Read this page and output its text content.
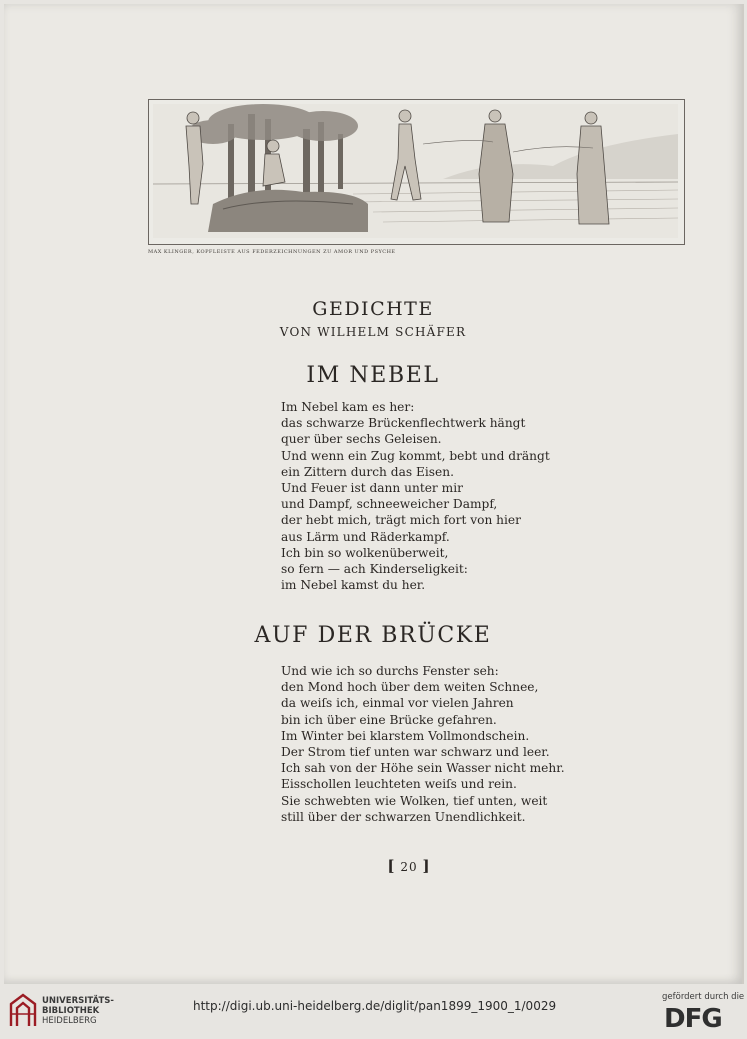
MAX KLINGER, KOPFLEISTE AUS FEDERZEICHNUNGEN ZU AMOR UND PSYCHE
GEDICHTE
VON WILHELM SCHÄFER
IM NEBEL
Im Nebel kam es her:
das schwarze Brückenflechtwerk hängt
quer über sechs Geleisen.
Und wenn ein Zug kommt, bebt und drängt
ein Zittern durch das Eisen.
Und Feuer ist dann unter mir
und Dampf, schneeweicher Dampf,
der hebt mich, trägt mich fort von hier
aus Lärm und Räderkampf.
Ich bin so wolkenüberweit,
so fern — ach Kinderseligkeit:
im Nebel kamst du her.
AUF DER BRÜCKE
Und wie ich so durchs Fenster seh:
den Mond hoch über dem weiten Schnee,
da weiſs ich, einmal vor vielen Jahren
bin ich über eine Brücke gefahren.
Im Winter bei klarstem Vollmondschein.
Der Strom tief unten war schwarz und leer.
Ich sah von der Höhe sein Wasser nicht mehr.
Eisschollen leuchteten weiſs und rein.
Sie schwebten wie Wolken, tief unten, weit
still über der schwarzen Unendlichkeit.
[ 20 ]
UNIVERSITÄTS-
BIBLIOTHEK
HEIDELBERG
http://digi.ub.uni-heidelberg.de/diglit/pan1899_1900_1/0029
gefördert durch die
DFG
